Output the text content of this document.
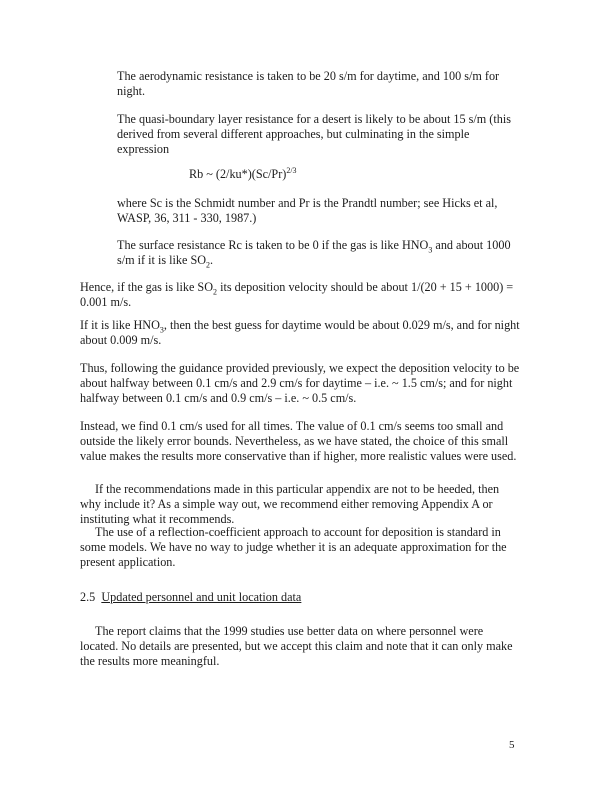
The aerodynamic resistance is taken to be 20 s/m for daytime, and 100 s/m for night.

The quasi-boundary layer resistance for a desert is likely to be about 15 s/m (this derived from several different approaches, but culminating in the simple expression

Rb ~ $(2/ku*)(Sc/Pr)^{2/3}$

where Sc is the Schmidt number and Pr is the Prandtl number; see Hicks et al, WASP, 36, 311 - 330, 1987.)

The surface resistance Rc is taken to be 0 if the gas is like $HNO_3$ and about 1000 s/m if it is like $SO_2$.

Hence, if the gas is like $SO_2$ its deposition velocity should be about 1/(20 + 15 + 1000) = 0.001 m/s.

If it is like $HNO_3$, then the best guess for daytime would be about 0.029 m/s, and for night about 0.009 m/s.

Thus, following the guidance provided previously, we expect the deposition velocity to be about halfway between 0.1 cm/s and 2.9 cm/s for daytime – i.e. ~ 1.5 cm/s; and for night halfway between 0.1 cm/s and 0.9 cm/s – i.e. ~ 0.5 cm/s.

Instead, we find 0.1 cm/s used for all times. The value of 0.1 cm/s seems too small and outside the likely error bounds. Nevertheless, as we have stated, the choice of this small value makes the results more conservative than if higher, more realistic values were used.

If the recommendations made in this particular appendix are not to be heeded, then why include it? As a simple way out, we recommend either removing Appendix A or instituting what it recommends.

The use of a reflection-coefficient approach to account for deposition is standard in some models. We have no way to judge whether it is an adequate approximation for the present application.

2.5 Updated personnel and unit location data

The report claims that the 1999 studies use better data on where personnel were located. No details are presented, but we accept this claim and note that it can only make the results more meaningful.

5
